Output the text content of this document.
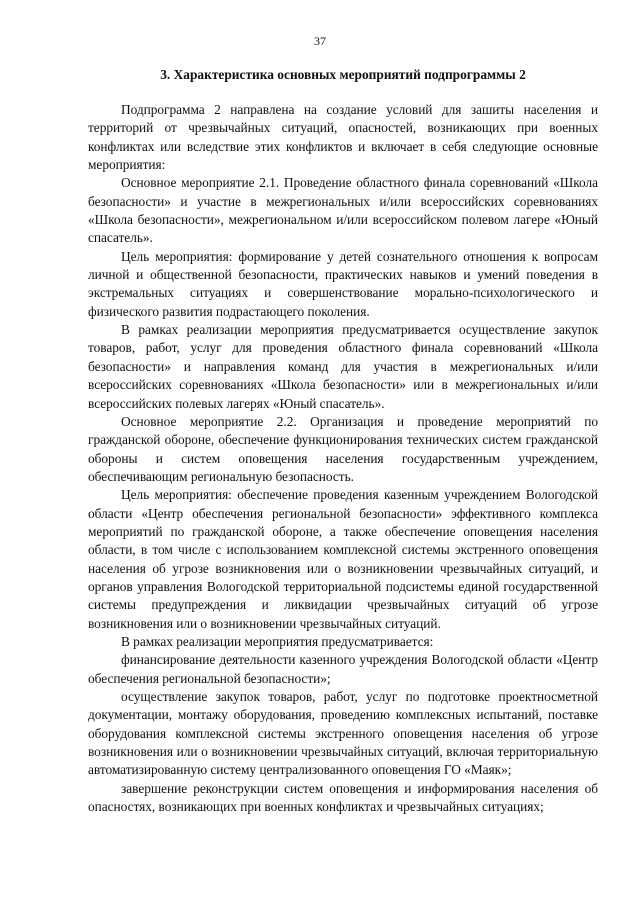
37
3. Характеристика основных мероприятий подпрограммы 2

Подпрограмма 2 направлена на создание условий для зашиты населения и территорий от чрезвычайных ситуаций, опасностей, возникающих при военных конфликтах или вследствие этих конфликтов и включает в себя следующие основные мероприятия:

Основное мероприятие 2.1. Проведение областного финала соревнований «Школа безопасности» и участие в межрегиональных и/или всероссийских соревнованиях «Школа безопасности», межрегиональном и/или всероссийском полевом лагере «Юный спасатель».

Цель мероприятия: формирование у детей сознательного отношения к вопросам личной и общественной безопасности, практических навыков и умений поведения в экстремальных ситуациях и совершенствование морально-психологического и физического развития подрастающего поколения.

В рамках реализации мероприятия предусматривается осуществление закупок товаров, работ, услуг для проведения областного финала соревнований «Школа безопасности» и направления команд для участия в межрегиональных и/или всероссийских соревнованиях «Школа безопасности» или в межрегиональных и/или всероссийских полевых лагерях «Юный спасатель».

Основное мероприятие 2.2. Организация и проведение мероприятий по гражданской обороне, обеспечение функционирования технических систем гражданской обороны и систем оповещения населения государственным учреждением, обеспечивающим региональную безопасность.

Цель мероприятия: обеспечение проведения казенным учреждением Вологодской области «Центр обеспечения региональной безопасности» эффективного комплекса мероприятий по гражданской обороне, а также обеспечение оповещения населения области, в том числе с использованием комплексной системы экстренного оповещения населения об угрозе возникновения или о возникновении чрезвычайных ситуаций, и органов управления Вологодской территориальной подсистемы единой государственной системы предупреждения и ликвидации чрезвычайных ситуаций об угрозе возникновения или о возникновении чрезвычайных ситуаций.

В рамках реализации мероприятия предусматривается:

финансирование деятельности казенного учреждения Вологодской области «Центр обеспечения региональной безопасности»;

осуществление закупок товаров, работ, услуг по подготовке проектносметной документации, монтажу оборудования, проведению комплексных испытаний, поставке оборудования комплексной системы экстренного оповещения населения об угрозе возникновения или о возникновении чрезвычайных ситуаций, включая территориальную автоматизированную систему централизованного оповещения ГО «Маяк»;

завершение реконструкции систем оповещения и информирования населения об опасностях, возникающих при военных конфликтах и чрезвычайных ситуациях;
